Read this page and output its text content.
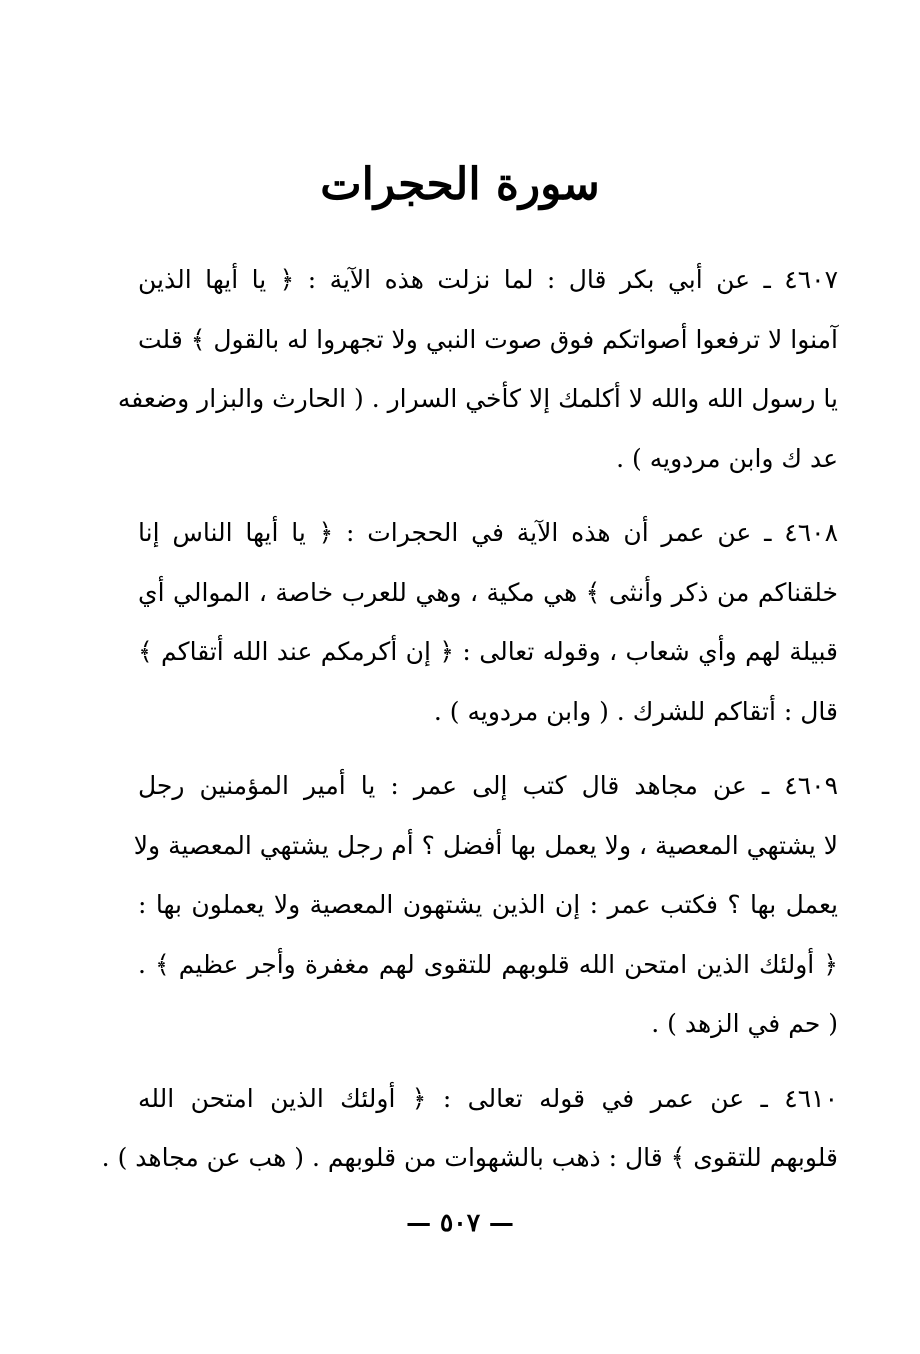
سورة الحجرات
٤٦٠٧ ـ عن أبي بكر قال : لما نزلت هذه الآية : ﴿ يا أيها الذين
آمنوا لا ترفعوا أصواتكم فوق صوت النبي ولا تجهروا له بالقول ﴾ قلت
يا رسول الله والله لا أكلمك إلا كأخي السرار . ( الحارث والبزار وضعفه
عد ك وابن مردويه ) .
٤٦٠٨ ـ عن عمر أن هذه الآية في الحجرات : ﴿ يا أيها الناس إنا
خلقناكم من ذكر وأنثى ﴾ هي مكية ، وهي للعرب خاصة ، الموالي أي
قبيلة لهم وأي شعاب ، وقوله تعالى : ﴿ إن أكرمكم عند الله أتقاكم ﴾
قال : أتقاكم للشرك . ( وابن مردويه ) .
٤٦٠٩ ـ عن مجاهد قال كتب إلى عمر : يا أمير المؤمنين رجل
لا يشتهي المعصية ، ولا يعمل بها أفضل ؟ أم رجل يشتهي المعصية ولا
يعمل بها ؟ فكتب عمر : إن الذين يشتهون المعصية ولا يعملون بها :
﴿ أولئك الذين امتحن الله قلوبهم للتقوى لهم مغفرة وأجر عظيم ﴾ .
( حم في الزهد ) .
٤٦١٠ ـ عن عمر في قوله تعالى : ﴿ أولئك الذين امتحن الله
قلوبهم للتقوى ﴾ قال : ذهب بالشهوات من قلوبهم . ( هب عن مجاهد ) .
— ٥٠٧ —
